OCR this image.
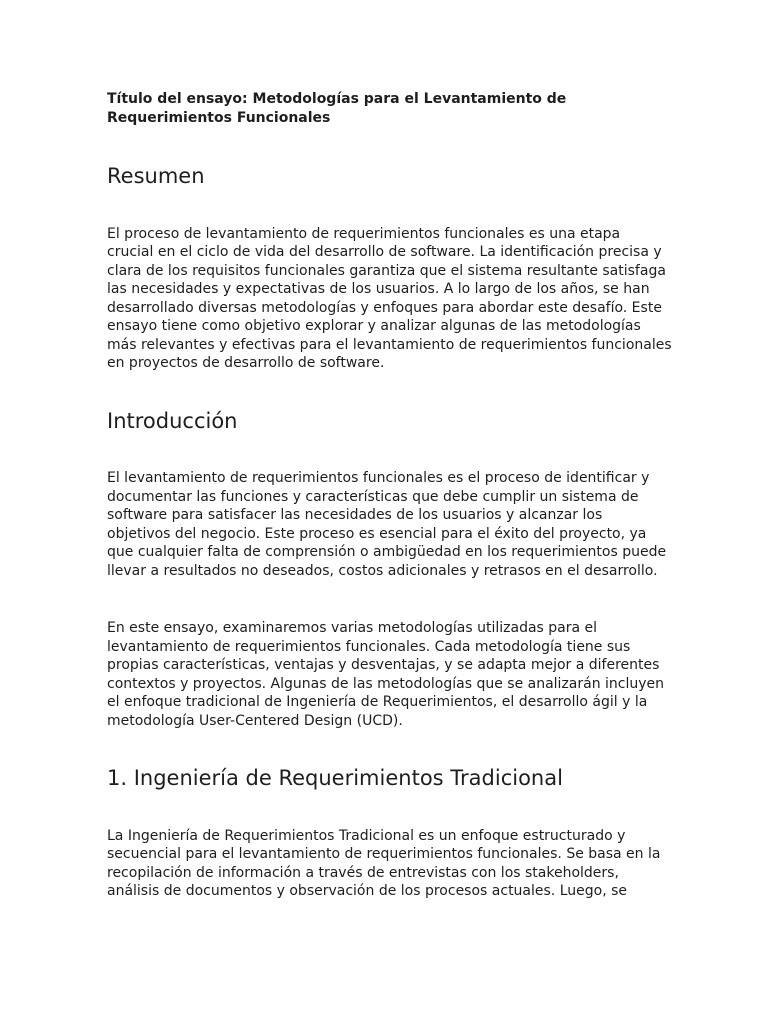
Título del ensayo: Metodologías para el Levantamiento de
Requerimientos Funcionales
Resumen

El proceso de levantamiento de requerimientos funcionales es una etapa
crucial en el ciclo de vida del desarrollo de software. La identificación precisa y
clara de los requisitos funcionales garantiza que el sistema resultante satisfaga
las necesidades y expectativas de los usuarios. A lo largo de los años, se han
desarrollado diversas metodologías y enfoques para abordar este desafío. Este
ensayo tiene como objetivo explorar y analizar algunas de las metodologías
más relevantes y efectivas para el levantamiento de requerimientos funcionales
en proyectos de desarrollo de software.

Introducción

El levantamiento de requerimientos funcionales es el proceso de identificar y
documentar las funciones y características que debe cumplir un sistema de
software para satisfacer las necesidades de los usuarios y alcanzar los
objetivos del negocio. Este proceso es esencial para el éxito del proyecto, ya
que cualquier falta de comprensión o ambigüedad en los requerimientos puede
llevar a resultados no deseados, costos adicionales y retrasos en el desarrollo.

En este ensayo, examinaremos varias metodologías utilizadas para el
levantamiento de requerimientos funcionales. Cada metodología tiene sus
propias características, ventajas y desventajas, y se adapta mejor a diferentes
contextos y proyectos. Algunas de las metodologías que se analizarán incluyen
el enfoque tradicional de Ingeniería de Requerimientos, el desarrollo ágil y la
metodología User-Centered Design (UCD).

1. Ingeniería de Requerimientos Tradicional

La Ingeniería de Requerimientos Tradicional es un enfoque estructurado y
secuencial para el levantamiento de requerimientos funcionales. Se basa en la
recopilación de información a través de entrevistas con los stakeholders,
análisis de documentos y observación de los procesos actuales. Luego, se
